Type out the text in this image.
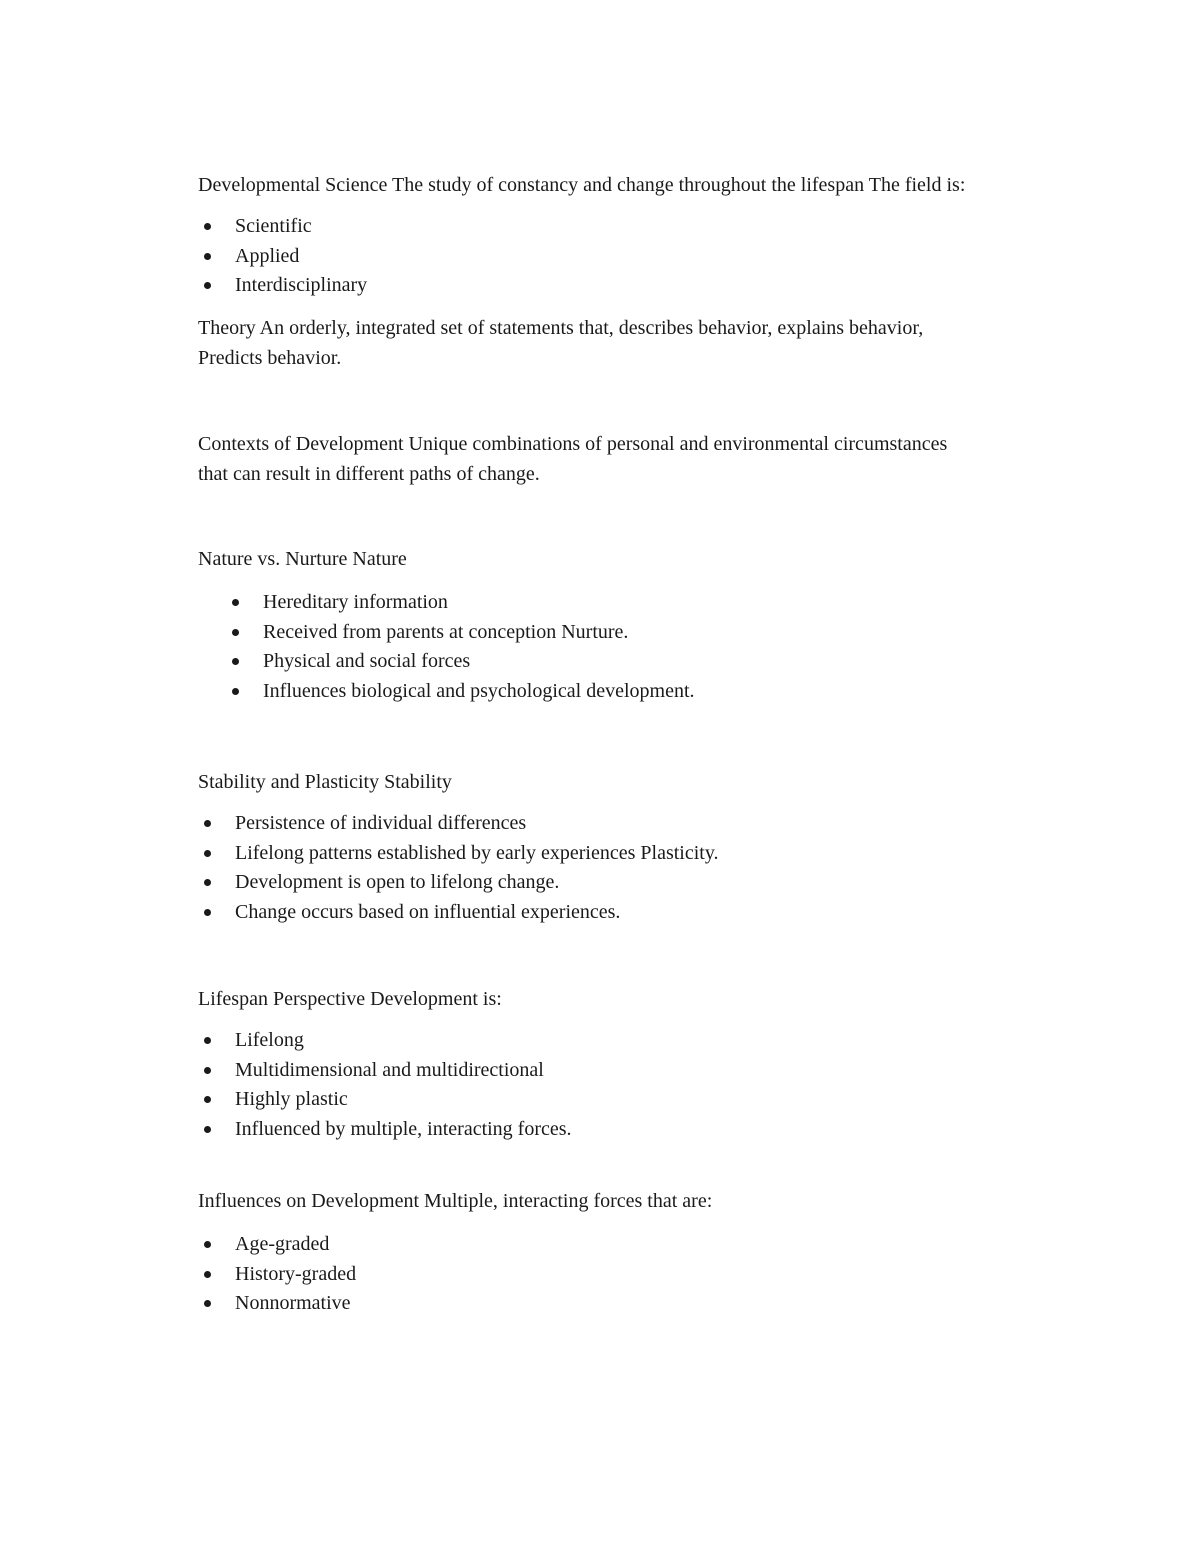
Developmental Science The study of constancy and change throughout the lifespan The field is:

Scientific
Applied
Interdisciplinary

Theory An orderly, integrated set of statements that, describes behavior, explains behavior,

Predicts behavior.

Contexts of Development Unique combinations of personal and environmental circumstances

that can result in different paths of change.

Nature vs. Nurture Nature

Hereditary information
Received from parents at conception Nurture.
Physical and social forces
Influences biological and psychological development.

Stability and Plasticity Stability

Persistence of individual differences
Lifelong patterns established by early experiences Plasticity.
Development is open to lifelong change.
Change occurs based on influential experiences.

Lifespan Perspective Development is:

Lifelong
Multidimensional and multidirectional
Highly plastic
Influenced by multiple, interacting forces.

Influences on Development Multiple, interacting forces that are:

Age-graded
History-graded
Nonnormative
